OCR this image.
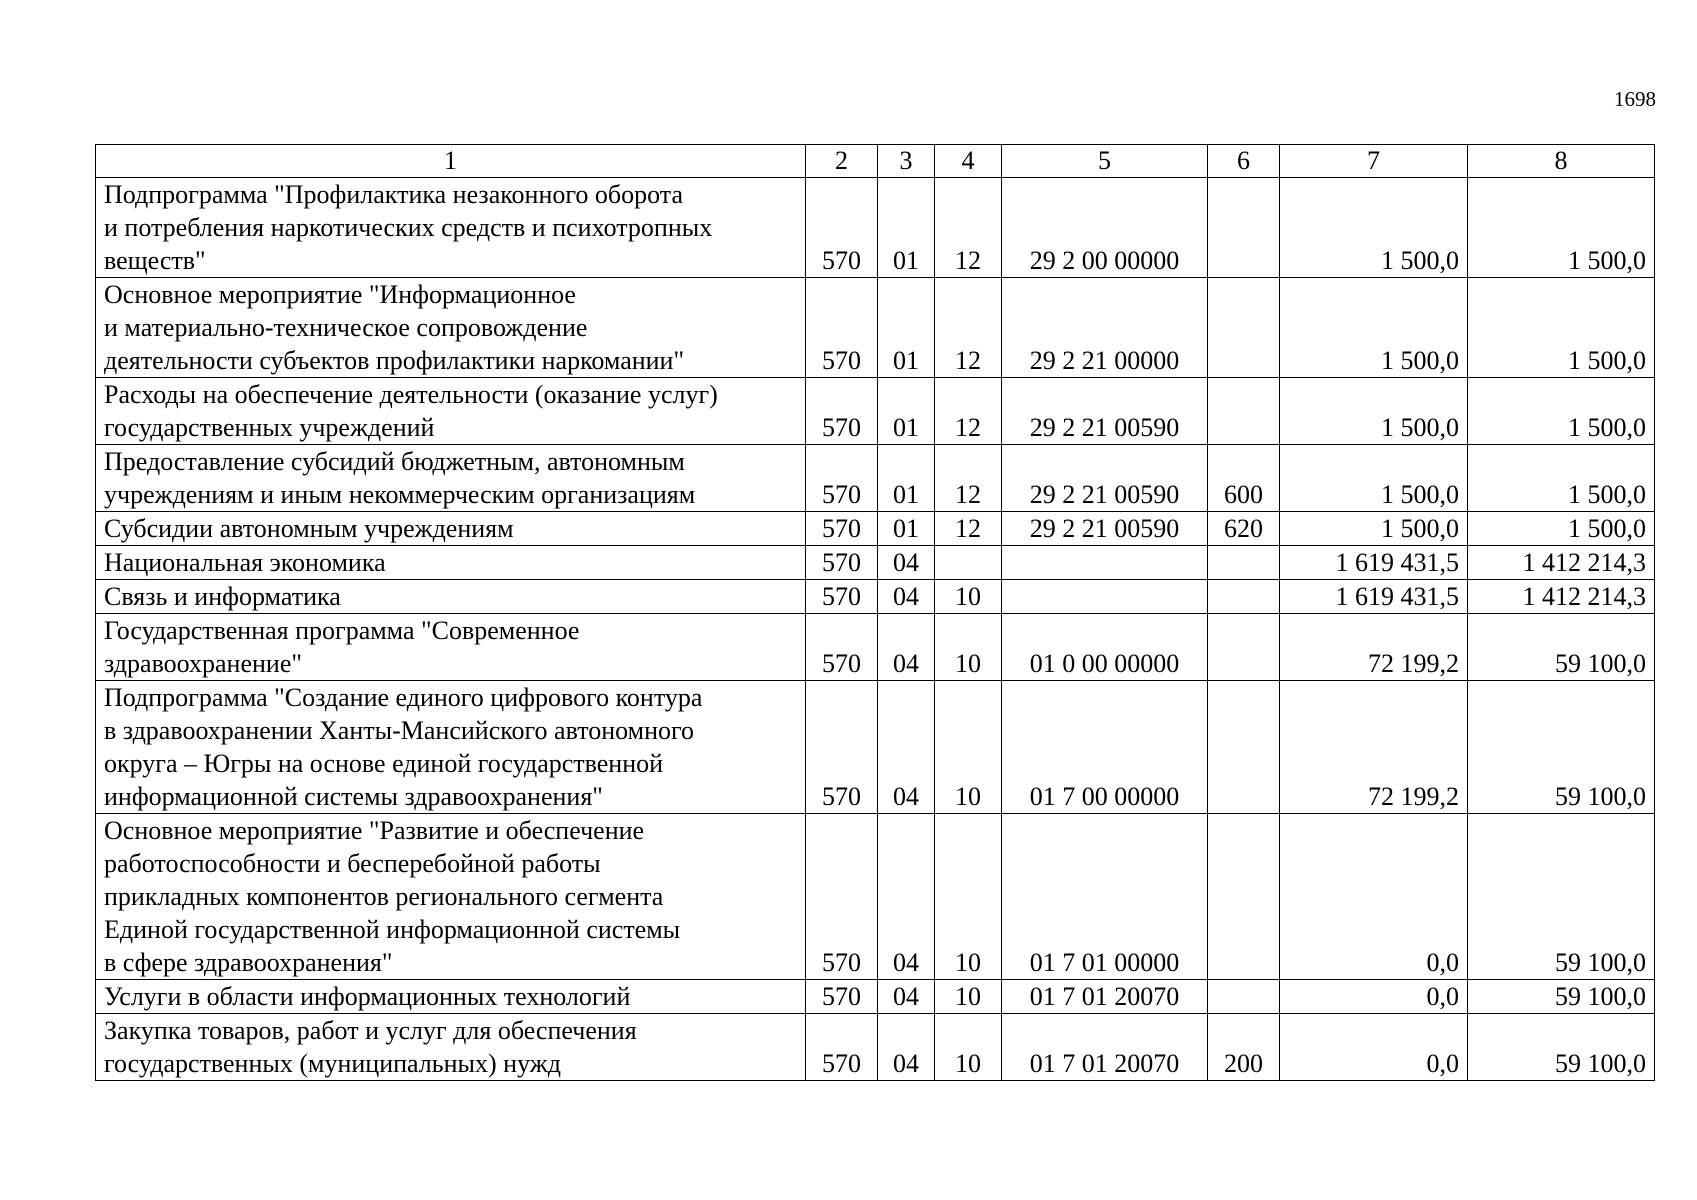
1698
1	2	3	4	5	6	7	8

Подпрограмма "Профилактика незаконного оборота
и потребления наркотических средств и психотропных
веществ"	570	01	12	29 2 00 00000		1 500,0	1 500,0

Основное мероприятие "Информационное
и материально-техническое сопровождение
деятельности субъектов профилактики наркомании"	570	01	12	29 2 21 00000		1 500,0	1 500,0

Расходы на обеспечение деятельности (оказание услуг)
государственных учреждений	570	01	12	29 2 21 00590		1 500,0	1 500,0

Предоставление субсидий бюджетным, автономным
учреждениям и иным некоммерческим организациям	570	01	12	29 2 21 00590	600	1 500,0	1 500,0

Субсидии автономным учреждениям	570	01	12	29 2 21 00590	620	1 500,0	1 500,0

Национальная экономика	570	04				1 619 431,5	1 412 214,3

Связь и информатика	570	04	10			1 619 431,5	1 412 214,3

Государственная программа "Современное
здравоохранение"	570	04	10	01 0 00 00000		72 199,2	59 100,0

Подпрограмма "Создание единого цифрового контура
в здравоохранении Ханты-Мансийского автономного
округа – Югры на основе единой государственной
информационной системы здравоохранения"	570	04	10	01 7 00 00000		72 199,2	59 100,0

Основное мероприятие "Развитие и обеспечение
работоспособности и бесперебойной работы
прикладных компонентов регионального сегмента
Единой государственной информационной системы
в сфере здравоохранения"	570	04	10	01 7 01 00000		0,0	59 100,0

Услуги в области информационных технологий	570	04	10	01 7 01 20070		0,0	59 100,0

Закупка товаров, работ и услуг для обеспечения
государственных (муниципальных) нужд	570	04	10	01 7 01 20070	200	0,0	59 100,0
